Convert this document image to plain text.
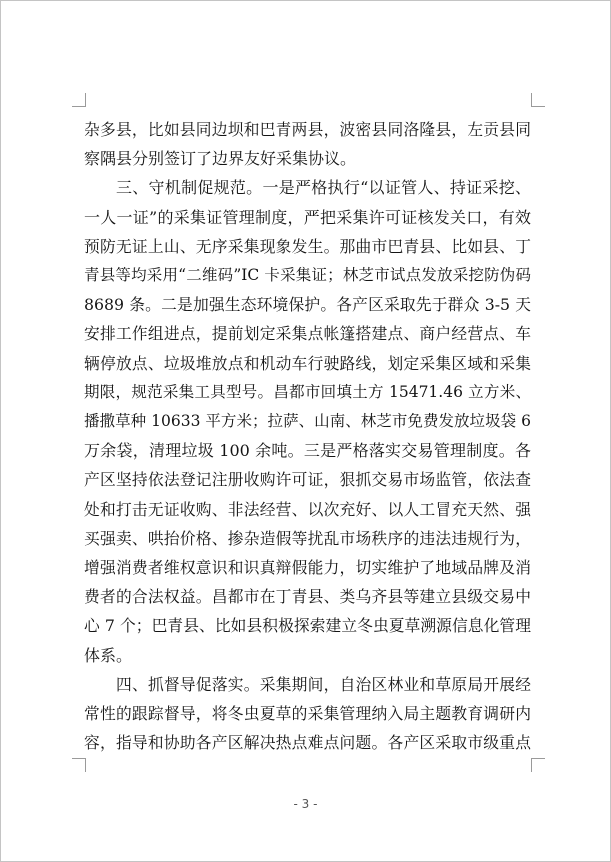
杂多县，比如县同边坝和巴青两县，波密县同洛隆县，左贡县同
察隅县分别签订了边界友好采集协议。
三、守机制促规范。一是严格执行“以证管人、持证采挖、
一人一证”的采集证管理制度，严把采集许可证核发关口，有效
预防无证上山、无序采集现象发生。那曲市巴青县、比如县、丁
青县等均采用“二维码”IC 卡采集证；林芝市试点发放采挖防伪码
8689 条。二是加强生态环境保护。各产区采取先于群众 3-5 天
安排工作组进点，提前划定采集点帐篷搭建点、商户经营点、车
辆停放点、垃圾堆放点和机动车行驶路线，划定采集区域和采集
期限，规范采集工具型号。昌都市回填土方 15471.46 立方米、
播撒草种 10633 平方米；拉萨、山南、林芝市免费发放垃圾袋 6
万余袋，清理垃圾 100 余吨。三是严格落实交易管理制度。各
产区坚持依法登记注册收购许可证，狠抓交易市场监管，依法查
处和打击无证收购、非法经营、以次充好、以人工冒充天然、强
买强卖、哄抬价格、掺杂造假等扰乱市场秩序的违法违规行为，
增强消费者维权意识和识真辩假能力，切实维护了地域品牌及消
费者的合法权益。昌都市在丁青县、类乌齐县等建立县级交易中
心 7 个；巴青县、比如县积极探索建立冬虫夏草溯源信息化管理
体系。
四、抓督导促落实。采集期间，自治区林业和草原局开展经
常性的跟踪督导，将冬虫夏草的采集管理纳入局主题教育调研内
容，指导和协助各产区解决热点难点问题。各产区采取市级重点
- 3 -
